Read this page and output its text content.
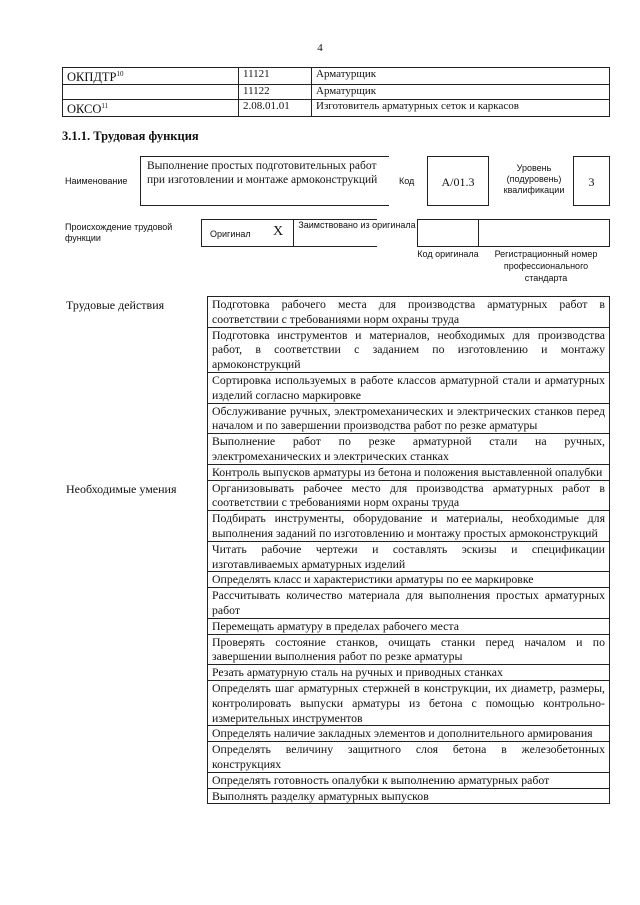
4
ОКПДТР$^{10}$	11121	Арматурщик
	11122	Арматурщик
ОКСО$^{11}$	2.08.01.01	Изготовитель арматурных сеток и каркасов
3.1.1. Трудовая функция
Наименование
Выполнение простых подготовительных работ при изготовлении и монтаже армоконструкций	Код	A/01.3
Уровень (подуровень) квалификации
3
Происхождение трудовой функции	Оригинал X Заимствовано из оригинала
Код оригинала	Регистрационный номер профессионального стандарта
Трудовые действия	Подготовка рабочего места для производства арматурных работ в соответствии с требованиями норм охраны труда
Подготовка инструментов и материалов, необходимых для производства работ, в соответствии с заданием по изготовлению и монтажу армоконструкций
Сортировка используемых в работе классов арматурной стали и арматурных изделий согласно маркировке
Обслуживание ручных, электромеханических и электрических станков перед началом и по завершении производства работ по резке арматуры
Выполнение работ по резке арматурной стали на ручных, электромеханических и электрических станках
Контроль выпусков арматуры из бетона и положения выставленной опалубки
Необходимые умения	Организовывать рабочее место для производства арматурных работ в соответствии с требованиями норм охраны труда
Подбирать инструменты, оборудование и материалы, необходимые для выполнения заданий по изготовлению и монтажу простых армоконструкций
Читать рабочие чертежи и составлять эскизы и спецификации изготавливаемых арматурных изделий
Определять класс и характеристики арматуры по ее маркировке
Рассчитывать количество материала для выполнения простых арматурных работ
Перемещать арматуру в пределах рабочего места
Проверять состояние станков, очищать станки перед началом и по завершении выполнения работ по резке арматуры
Резать арматурную сталь на ручных и приводных станках
Определять шаг арматурных стержней в конструкции, их диаметр, размеры, контролировать выпуски арматуры из бетона с помощью контрольно-измерительных инструментов
Определять наличие закладных элементов и дополнительного армирования
Определять величину защитного слоя бетона в железобетонных конструкциях
Определять готовность опалубки к выполнению арматурных работ
Выполнять разделку арматурных выпусков
